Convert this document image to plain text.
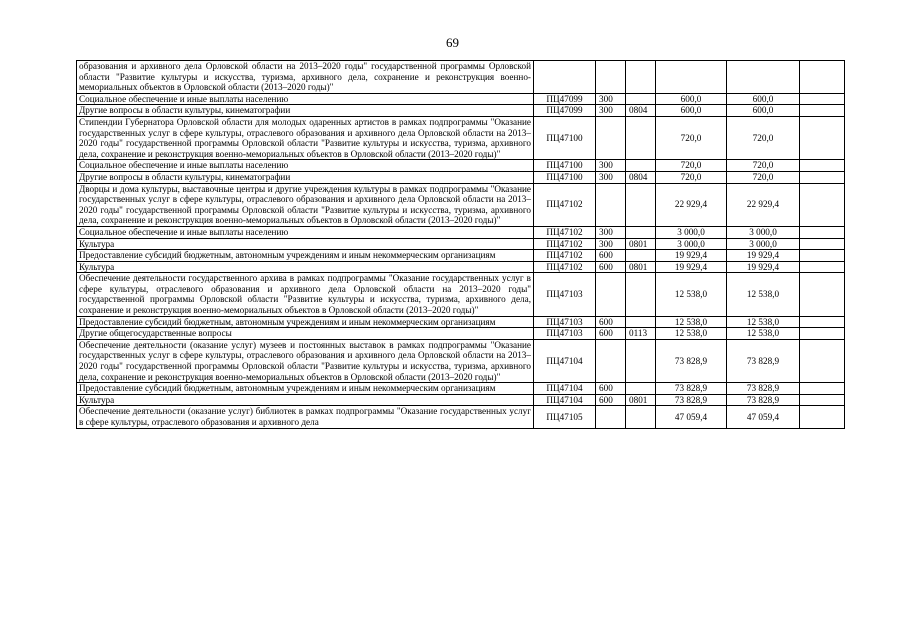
69
образования и архивного дела Орловской области на 2013–2020 годы" государственной программы Орловской области "Развитие культуры и искусства, туризма, архивного дела, сохранение и реконструкция военно-мемориальных объектов в Орловской области (2013–2020 годы)"						
Социальное обеспечение и иные выплаты населению	ПЦ47099	300		600,0	600,0	
Другие вопросы в области культуры, кинематографии	ПЦ47099	300	0804	600,0	600,0	
Стипендии Губернатора Орловской области для молодых одаренных артистов в рамках подпрограммы "Оказание государственных услуг в сфере культуры, отраслевого образования и архивного дела Орловской области на 2013–2020 годы" государственной программы Орловской области "Развитие культуры и искусства, туризма, архивного дела, сохранение и реконструкция военно-мемориальных объектов в Орловской области (2013–2020 годы)"	ПЦ47100			720,0	720,0	
Социальное обеспечение и иные выплаты населению	ПЦ47100	300		720,0	720,0	
Другие вопросы в области культуры, кинематографии	ПЦ47100	300	0804	720,0	720,0	
Дворцы и дома культуры, выставочные центры и другие учреждения культуры в рамках подпрограммы "Оказание государственных услуг в сфере культуры, отраслевого образования и архивного дела Орловской области на 2013–2020 годы" государственной программы Орловской области "Развитие культуры и искусства, туризма, архивного дела, сохранение и реконструкция военно-мемориальных объектов в Орловской области (2013–2020 годы)"	ПЦ47102			22 929,4	22 929,4	
Социальное обеспечение и иные выплаты населению	ПЦ47102	300		3 000,0	3 000,0	
Культура	ПЦ47102	300	0801	3 000,0	3 000,0	
Предоставление субсидий бюджетным, автономным учреждениям и иным некоммерческим организациям	ПЦ47102	600		19 929,4	19 929,4	
Культура	ПЦ47102	600	0801	19 929,4	19 929,4	
Обеспечение деятельности государственного архива в рамках подпрограммы "Оказание государственных услуг в сфере культуры, отраслевого образования и архивного дела Орловской области на 2013–2020 годы" государственной программы Орловской области "Развитие культуры и искусства, туризма, архивного дела, сохранение и реконструкция военно-мемориальных объектов в Орловской области (2013–2020 годы)"	ПЦ47103			12 538,0	12 538,0	
Предоставление субсидий бюджетным, автономным учреждениям и иным некоммерческим организациям	ПЦ47103	600		12 538,0	12 538,0	
Другие общегосударственные вопросы	ПЦ47103	600	0113	12 538,0	12 538,0	
Обеспечение деятельности (оказание услуг) музеев и постоянных выставок в рамках подпрограммы "Оказание государственных услуг в сфере культуры, отраслевого образования и архивного дела Орловской области на 2013–2020 годы" государственной программы Орловской области "Развитие культуры и искусства, туризма, архивного дела, сохранение и реконструкция военно-мемориальных объектов в Орловской области (2013–2020 годы)"	ПЦ47104			73 828,9	73 828,9	
Предоставление субсидий бюджетным, автономным учреждениям и иным некоммерческим организациям	ПЦ47104	600		73 828,9	73 828,9	
Культура	ПЦ47104	600	0801	73 828,9	73 828,9	
Обеспечение деятельности (оказание услуг) библиотек в рамках подпрограммы "Оказание государственных услуг в сфере культуры, отраслевого образования и архивного дела	ПЦ47105			47 059,4	47 059,4	
